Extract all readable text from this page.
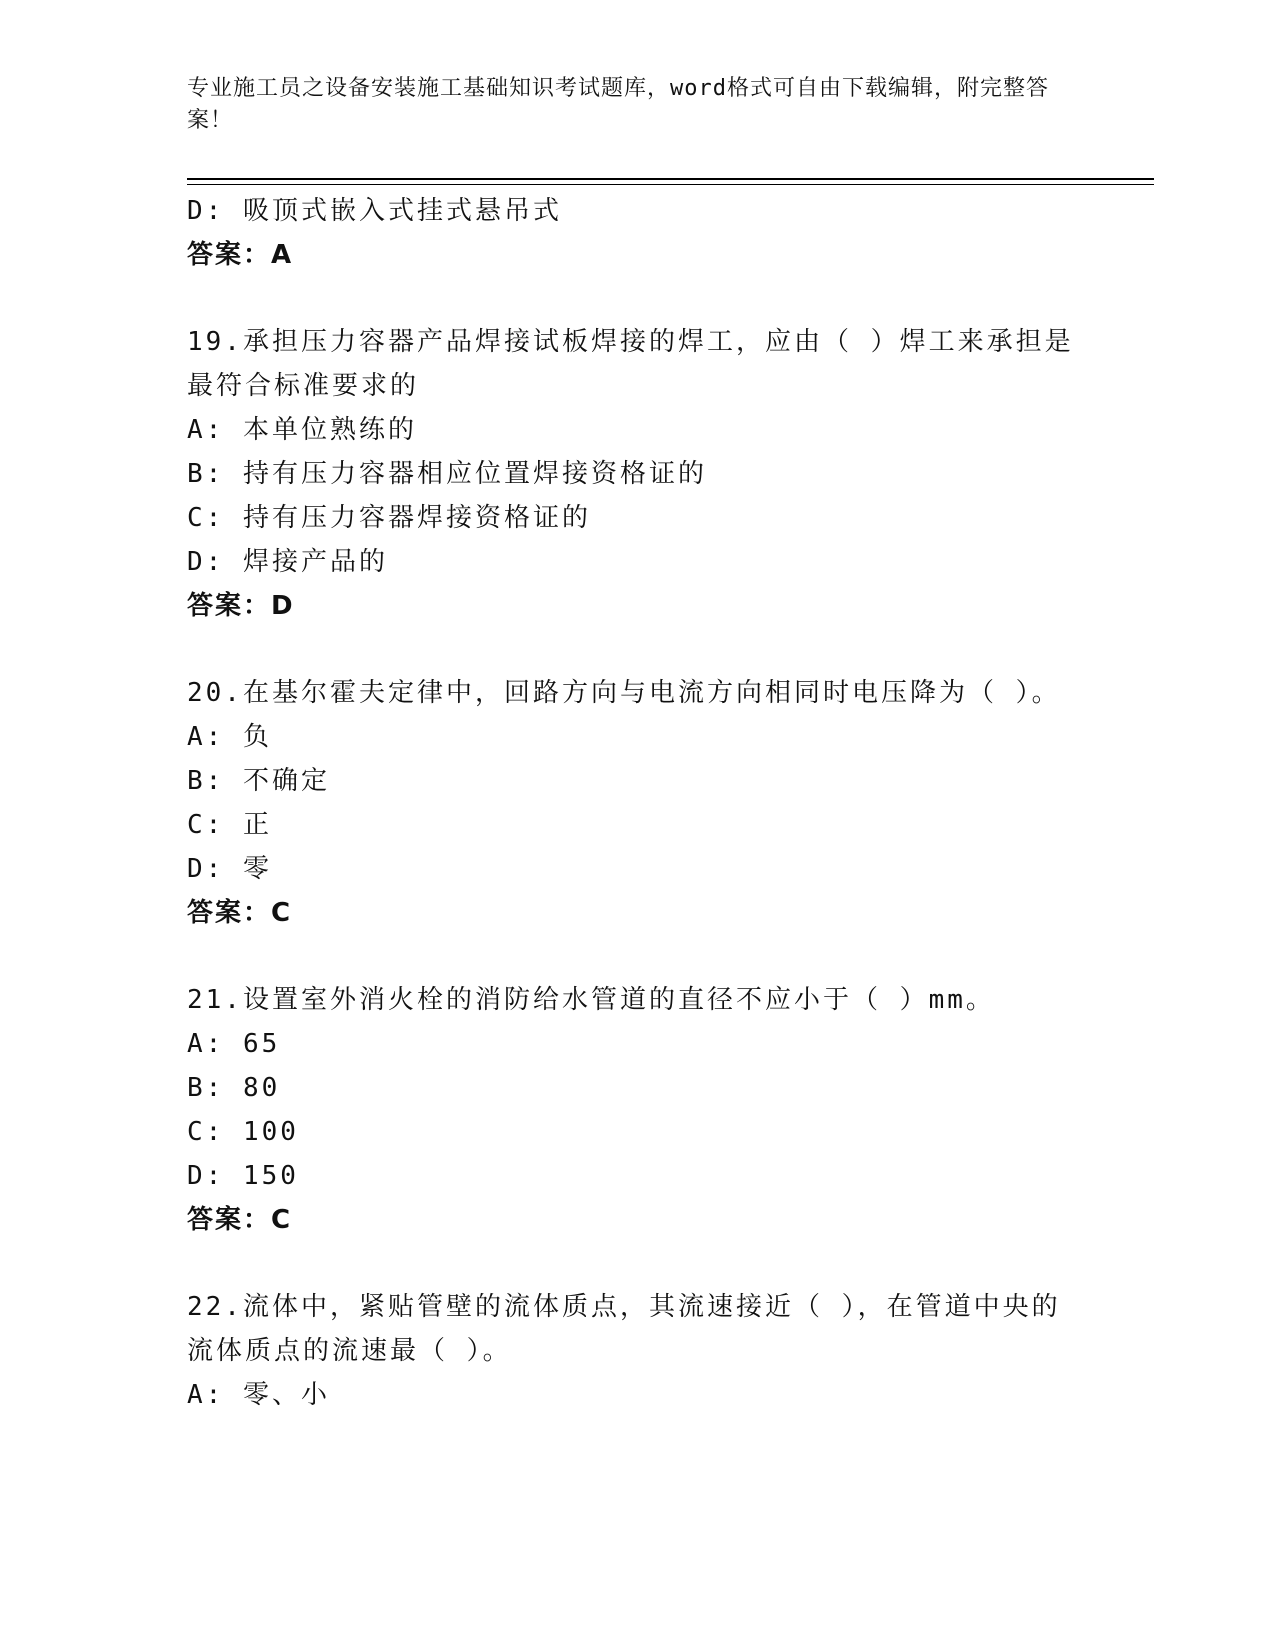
专业施工员之设备安装施工基础知识考试题库，word格式可自由下载编辑，附完整答案！
D: 吸顶式嵌入式挂式悬吊式
答案：A
19.承担压力容器产品焊接试板焊接的焊工，应由（ ）焊工来承担是
最符合标准要求的
A: 本单位熟练的
B: 持有压力容器相应位置焊接资格证的
C: 持有压力容器焊接资格证的
D: 焊接产品的
答案：D
20.在基尔霍夫定律中，回路方向与电流方向相同时电压降为（ ）。
A: 负
B: 不确定
C: 正
D: 零
答案：C
21.设置室外消火栓的消防给水管道的直径不应小于（ ）mm。
A: 65
B: 80
C: 100
D: 150
答案：C
22.流体中，紧贴管壁的流体质点，其流速接近（ ），在管道中央的
流体质点的流速最（ ）。
A: 零、小
